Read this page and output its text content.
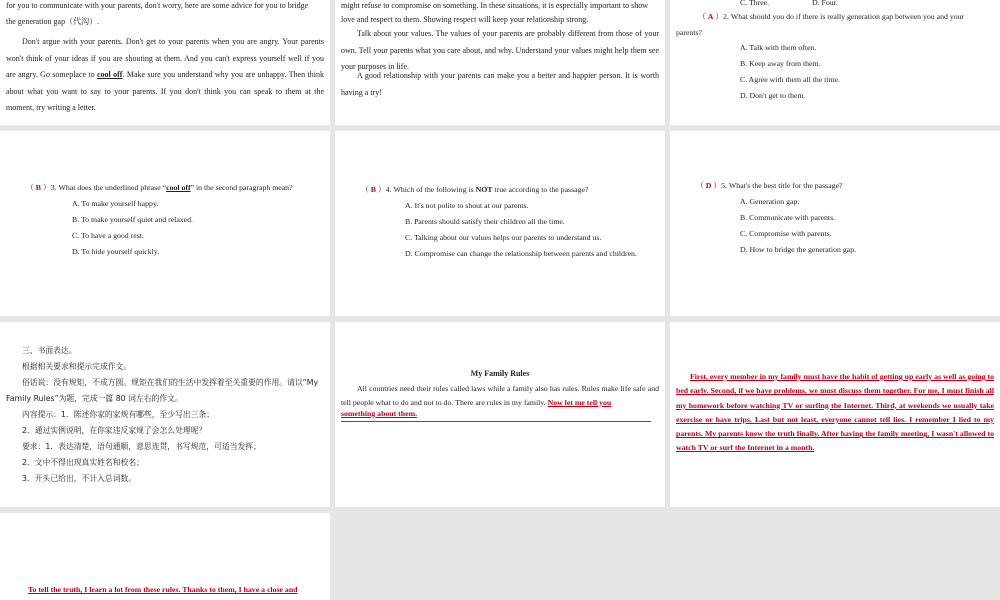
for you to communicate with your parents, don't worry, here are some advice for you to bridge

the generation gap（代沟）.

Don't argue with your parents. Don't get to your parents when you are angry. Your parents won't think of your ideas if you are shouting at them. And you can't express yourself well if you are angry. Go someplace to cool off. Make sure you understand why you are unhappy. Then think about what you want to say to your parents. If you don't think you can speak to them at the moment, try writing a letter.

might refuse to compromise on something. In these situations, it is especially important to show

love and respect to them. Showing respect will keep your relationship strong.

Talk about your values. The values of your parents are probably different from those of your own. Tell your parents what you care about, and why. Understand your values might help them see your purposes in life.

A good relationship with your parents can make you a better and happier person. It is worth having a try!

C. Three.	D. Four.
（ A ）2. What should you do if there is really generation gap between you and your
parents?
A. Talk with them often.
B. Keep away from them.
C. Agree with them all the time.
D. Don't get to them.
（ B ）3. What does the underlined phrase “cool off” in the second paragraph mean?
A. To make yourself happy.
B. To make yourself quiet and relaxed.
C. To have a good rest.
D. To hide yourself quickly.
（ B ）4. Which of the following is NOT true according to the passage?
A. It's not polite to shout at our parents.
B. Parents should satisfy their children all the time.
C. Talking about our values helps our parents to understand us.
D. Compromise can change the relationship between parents and children.
（ D ）5. What's the best title for the passage?
A. Generation gap.
B. Communicate with parents.
C. Compromise with parents.
D. How to bridge the generation gap.
三、书面表达。
根据相关要求和提示完成作文。
俗话说：没有规矩，不成方圆。规矩在我们的生活中发挥着至关重要的作用。请以“My
Family Rules”为题，完成一篇 80 词左右的作文。
内容提示：1．陈述你家的家规有哪些，至少写出三条；
2．通过实例说明，在你家违反家规了会怎么处理呢？
要求：1．表达清楚，语句通顺，意思连贯，书写规范，可适当发挥；
2．文中不得出现真实姓名和校名；
3．开头已给出，不计入总词数。
My Family Rules

All countries need their rules called laws while a family also has rules. Rules make life safe and tell people what to do and not to do. There are rules in my family. Now let me tell you

something about them.
First, every member in my family must have the habit of getting up early as well as going to bed early. Second, if we have problems, we must discuss them together. For me, I must finish all my homework before watching TV or surfing the Internet. Third, at weekends we usually take exercise or have trips. Last but not least, everyone cannot tell lies. I remember I lied to my parents. My parents knew the truth finally. After having the family meeting, I wasn't allowed to watch TV or surf the Internet in a month.
To tell the truth, I learn a lot from these rules. Thanks to them, I have a close and
